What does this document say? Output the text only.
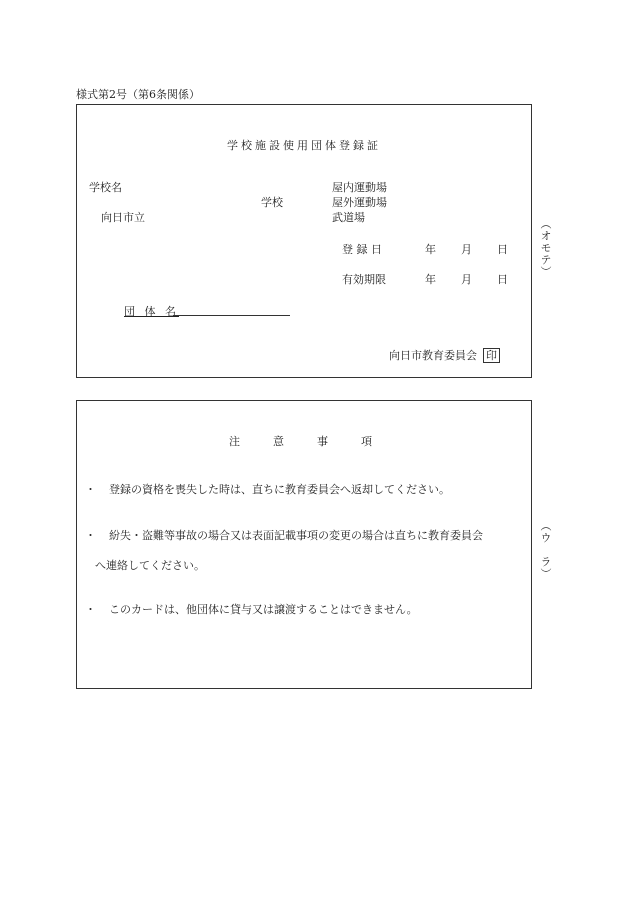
様式第2号（第6条関係）
学校施設使用団体登録証
学校名
向日市立
学校
屋内運動場
屋外運動場
武道場
登 録 日	年 月 日
有効期限	年 月 日
団 体 名
向日市教育委員会 印
（オモテ）
注　　　意　　　事　　　項
・ 登録の資格を喪失した時は、直ちに教育委員会へ返却してください。
・ 紛失・盗難等事故の場合又は表面記載事項の変更の場合は直ちに教育委員会
へ連絡してください。
・ このカードは、他団体に貸与又は譲渡することはできません。
（ウ　ラ）
